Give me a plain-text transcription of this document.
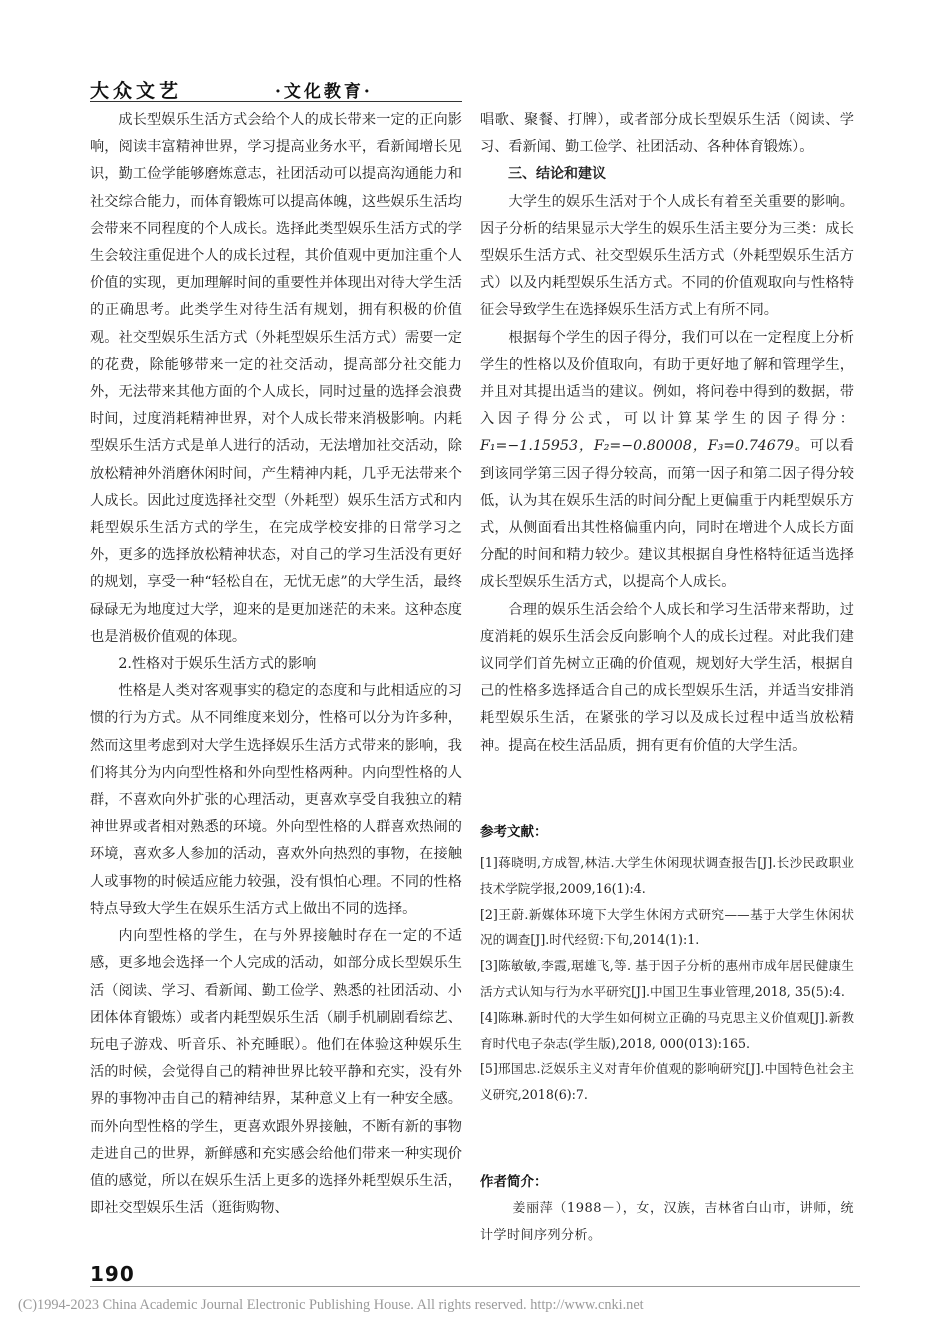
大众文艺	·文化教育·

成长型娱乐生活方式会给个人的成长带来一定的正向影响，阅读丰富精神世界，学习提高业务水平，看新闻增长见识，勤工俭学能够磨炼意志，社团活动可以提高沟通能力和社交综合能力，而体育锻炼可以提高体魄，这些娱乐生活均会带来不同程度的个人成长。选择此类型娱乐生活方式的学生会较注重促进个人的成长过程，其价值观中更加注重个人价值的实现，更加理解时间的重要性并体现出对待大学生活的正确思考。此类学生对待生活有规划，拥有积极的价值观。社交型娱乐生活方式（外耗型娱乐生活方式）需要一定的花费，除能够带来一定的社交活动，提高部分社交能力外，无法带来其他方面的个人成长，同时过量的选择会浪费时间，过度消耗精神世界，对个人成长带来消极影响。内耗型娱乐生活方式是单人进行的活动，无法增加社交活动，除放松精神外消磨休闲时间，产生精神内耗，几乎无法带来个人成长。因此过度选择社交型（外耗型）娱乐生活方式和内耗型娱乐生活方式的学生，在完成学校安排的日常学习之外，更多的选择放松精神状态，对自己的学习生活没有更好的规划，享受一种“轻松自在，无忧无虑”的大学生活，最终碌碌无为地度过大学，迎来的是更加迷茫的未来。这种态度也是消极价值观的体现。

2.性格对于娱乐生活方式的影响

性格是人类对客观事实的稳定的态度和与此相适应的习惯的行为方式。从不同维度来划分，性格可以分为许多种，然而这里考虑到对大学生选择娱乐生活方式带来的影响，我们将其分为内向型性格和外向型性格两种。内向型性格的人群，不喜欢向外扩张的心理活动，更喜欢享受自我独立的精神世界或者相对熟悉的环境。外向型性格的人群喜欢热闹的环境，喜欢多人参加的活动，喜欢外向热烈的事物，在接触人或事物的时候适应能力较强，没有惧怕心理。不同的性格特点导致大学生在娱乐生活方式上做出不同的选择。

内向型性格的学生，在与外界接触时存在一定的不适感，更多地会选择一个人完成的活动，如部分成长型娱乐生活（阅读、学习、看新闻、勤工俭学、熟悉的社团活动、小团体体育锻炼）或者内耗型娱乐生活（刷手机刷剧看综艺、玩电子游戏、听音乐、补充睡眠）。他们在体验这种娱乐生活的时候，会觉得自己的精神世界比较平静和充实，没有外界的事物冲击自己的精神结界，某种意义上有一种安全感。而外向型性格的学生，更喜欢跟外界接触，不断有新的事物走进自己的世界，新鲜感和充实感会给他们带来一种实现价值的感觉，所以在娱乐生活上更多的选择外耗型娱乐生活，即社交型娱乐生活（逛街购物、

唱歌、聚餐、打牌），或者部分成长型娱乐生活（阅读、学习、看新闻、勤工俭学、社团活动、各种体育锻炼）。

三、结论和建议

大学生的娱乐生活对于个人成长有着至关重要的影响。因子分析的结果显示大学生的娱乐生活主要分为三类：成长型娱乐生活方式、社交型娱乐生活方式（外耗型娱乐生活方式）以及内耗型娱乐生活方式。不同的价值观取向与性格特征会导致学生在选择娱乐生活方式上有所不同。

根据每个学生的因子得分，我们可以在一定程度上分析学生的性格以及价值取向，有助于更好地了解和管理学生，并且对其提出适当的建议。例如，将问卷中得到的数据，带入因子得分公式，可以计算某学生的因子得分：F₁=−1.15953，F₂=−0.80008，F₃=0.74679。可以看到该同学第三因子得分较高，而第一因子和第二因子得分较低，认为其在娱乐生活的时间分配上更偏重于内耗型娱乐方式，从侧面看出其性格偏重内向，同时在增进个人成长方面分配的时间和精力较少。建议其根据自身性格特征适当选择成长型娱乐生活方式，以提高个人成长。

合理的娱乐生活会给个人成长和学习生活带来帮助，过度消耗的娱乐生活会反向影响个人的成长过程。对此我们建议同学们首先树立正确的价值观，规划好大学生活，根据自己的性格多选择适合自己的成长型娱乐生活，并适当安排消耗型娱乐生活，在紧张的学习以及成长过程中适当放松精神。提高在校生活品质，拥有更有价值的大学生活。

参考文献：

[1]蒋晓明,方成智,林洁.大学生休闲现状调查报告[J].长沙民政职业技术学院学报,2009,16(1):4.

[2]王蔚.新媒体环境下大学生休闲方式研究——基于大学生休闲状况的调查[J].时代经贸:下旬,2014(1):1.

[3]陈敏敏,李霞,琚雄飞,等. 基于因子分析的惠州市成年居民健康生活方式认知与行为水平研究[J].中国卫生事业管理,2018, 35(5):4.

[4]陈琳.新时代的大学生如何树立正确的马克思主义价值观[J].新教育时代电子杂志(学生版),2018, 000(013):165.

[5]邢国忠.泛娱乐主义对青年价值观的影响研究[J].中国特色社会主义研究,2018(6):7.

作者简介：
姜丽萍（1988－），女，汉族，吉林省白山市，讲师，统计学时间序列分析。
190
(C)1994-2023 China Academic Journal Electronic Publishing House. All rights reserved. http://www.cnki.net
